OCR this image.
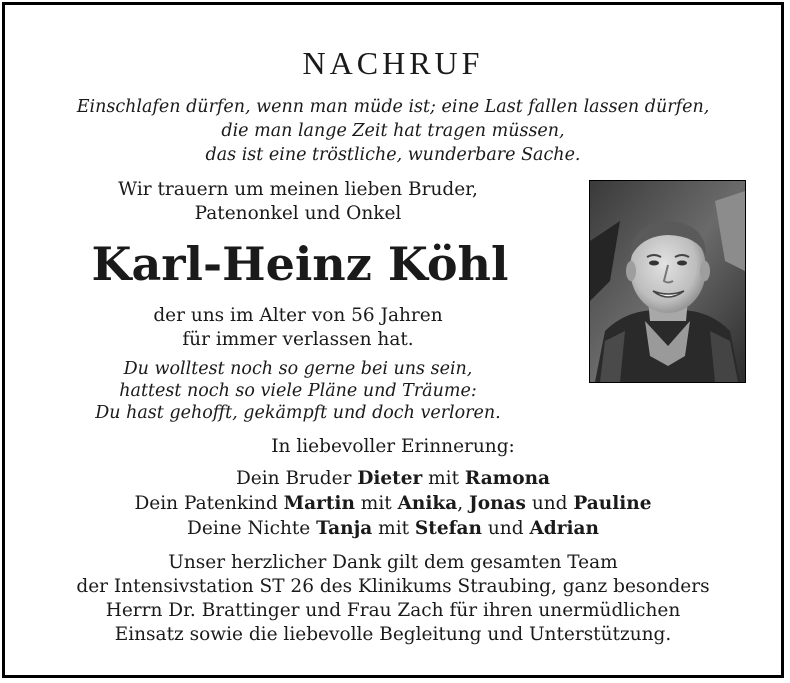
NACHRUF
Einschlafen dürfen, wenn man müde ist; eine Last fallen lassen dürfen,
die man lange Zeit hat tragen müssen,
das ist eine tröstliche, wunderbare Sache.
Wir trauern um meinen lieben Bruder,
Patenonkel und Onkel
Karl-Heinz Köhl
der uns im Alter von 56 Jahren
für immer verlassen hat.
Du wolltest noch so gerne bei uns sein,
hattest noch so viele Pläne und Träume:
Du hast gehofft, gekämpft und doch verloren.
In liebevoller Erinnerung:
Dein Bruder Dieter mit Ramona
Dein Patenkind Martin mit Anika, Jonas und Pauline
Deine Nichte Tanja mit Stefan und Adrian
Unser herzlicher Dank gilt dem gesamten Team
der Intensivstation ST 26 des Klinikums Straubing, ganz besonders
Herrn Dr. Brattinger und Frau Zach für ihren unermüdlichen
Einsatz sowie die liebevolle Begleitung und Unterstützung.
